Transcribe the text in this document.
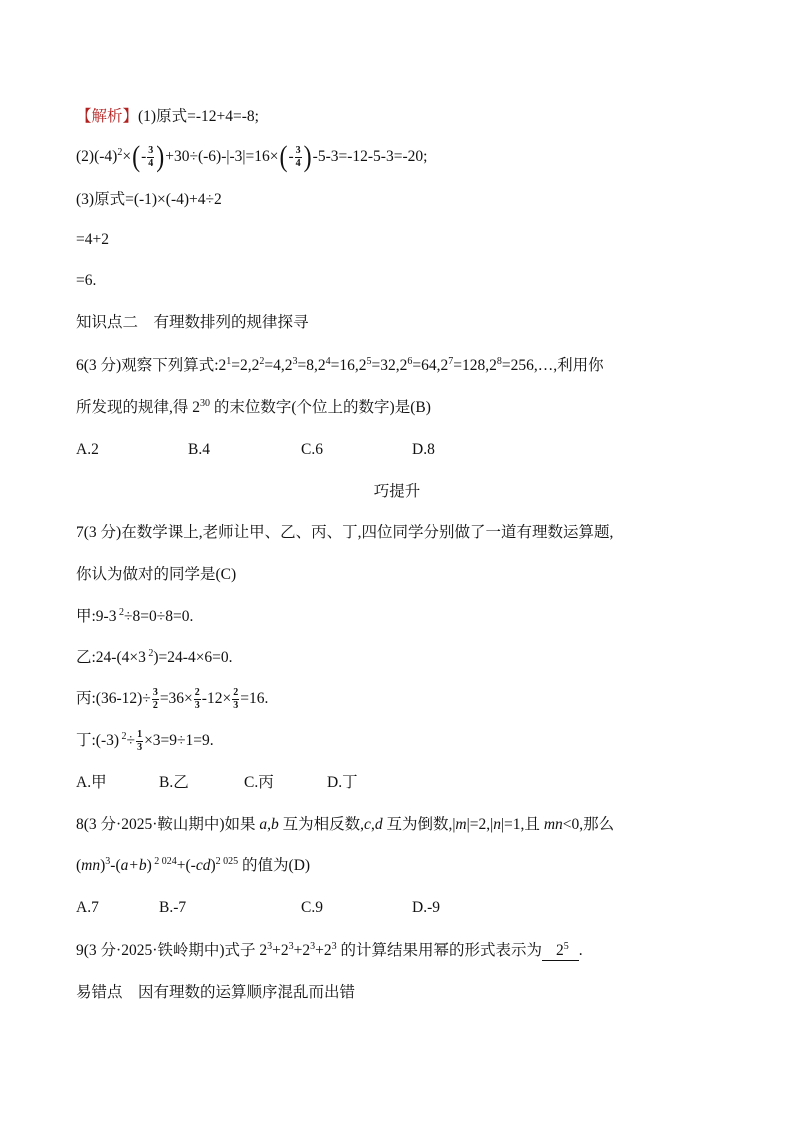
【解析】(1)原式=-12+4=-8;
$(2)(-4)^2\times(- \frac{3}{4} )+30\div(-6)-|-3|=16\times(- \frac{3}{4} )-5-3=-12-5-3=-20$;
(3)原式=(-1)×(-4)+4÷2
=4+2
=6.
知识点二　有理数排列的规律探寻
6(3 分)观察下列算式$:2^1=2,2^2=4,2^3=8,2^4=16,2^5=32,2^6=64,2^7=128,2^8=256,\dots$,利用你
所发现的规律,得 $2^{30}$ 的末位数字(个位上的数字)是(B)
A.2	B.4	C.6	D.8
巧提升
7(3 分)在数学课上,老师让甲、乙、丙、丁,四位同学分别做了一道有理数运算题,
你认为做对的同学是(C)
甲:9-3 $^2$÷8=0÷8=0.
乙:24-(4×3 $^2$)=24-4×6=0.
丙:(36-12)÷ $\frac{3}{2} =36\times \frac{2}{3} -12\times \frac{2}{3} =16$.
丁:(-3) $^2\div \frac{1}{3} \times 3=9\div 1=9$.
A.甲	B.乙	C.丙	D.丁
8(3 分·2025·鞍山期中)如果 a,b 互为相反数,c,d 互为倒数,|m|=2,|n|=1,且 mn<0,那么
(mn)$^3$-(a+b) $^{2 024}+(-cd)^{2 025}$ 的值为(D)
A.7	B.-7	C.9	D.-9
9(3 分·2025·铁岭期中)式子 $2^3+2^3+2^3+2^3$ 的计算结果用幂的形式表示为 $2^5$ .
易错点　因有理数的运算顺序混乱而出错
